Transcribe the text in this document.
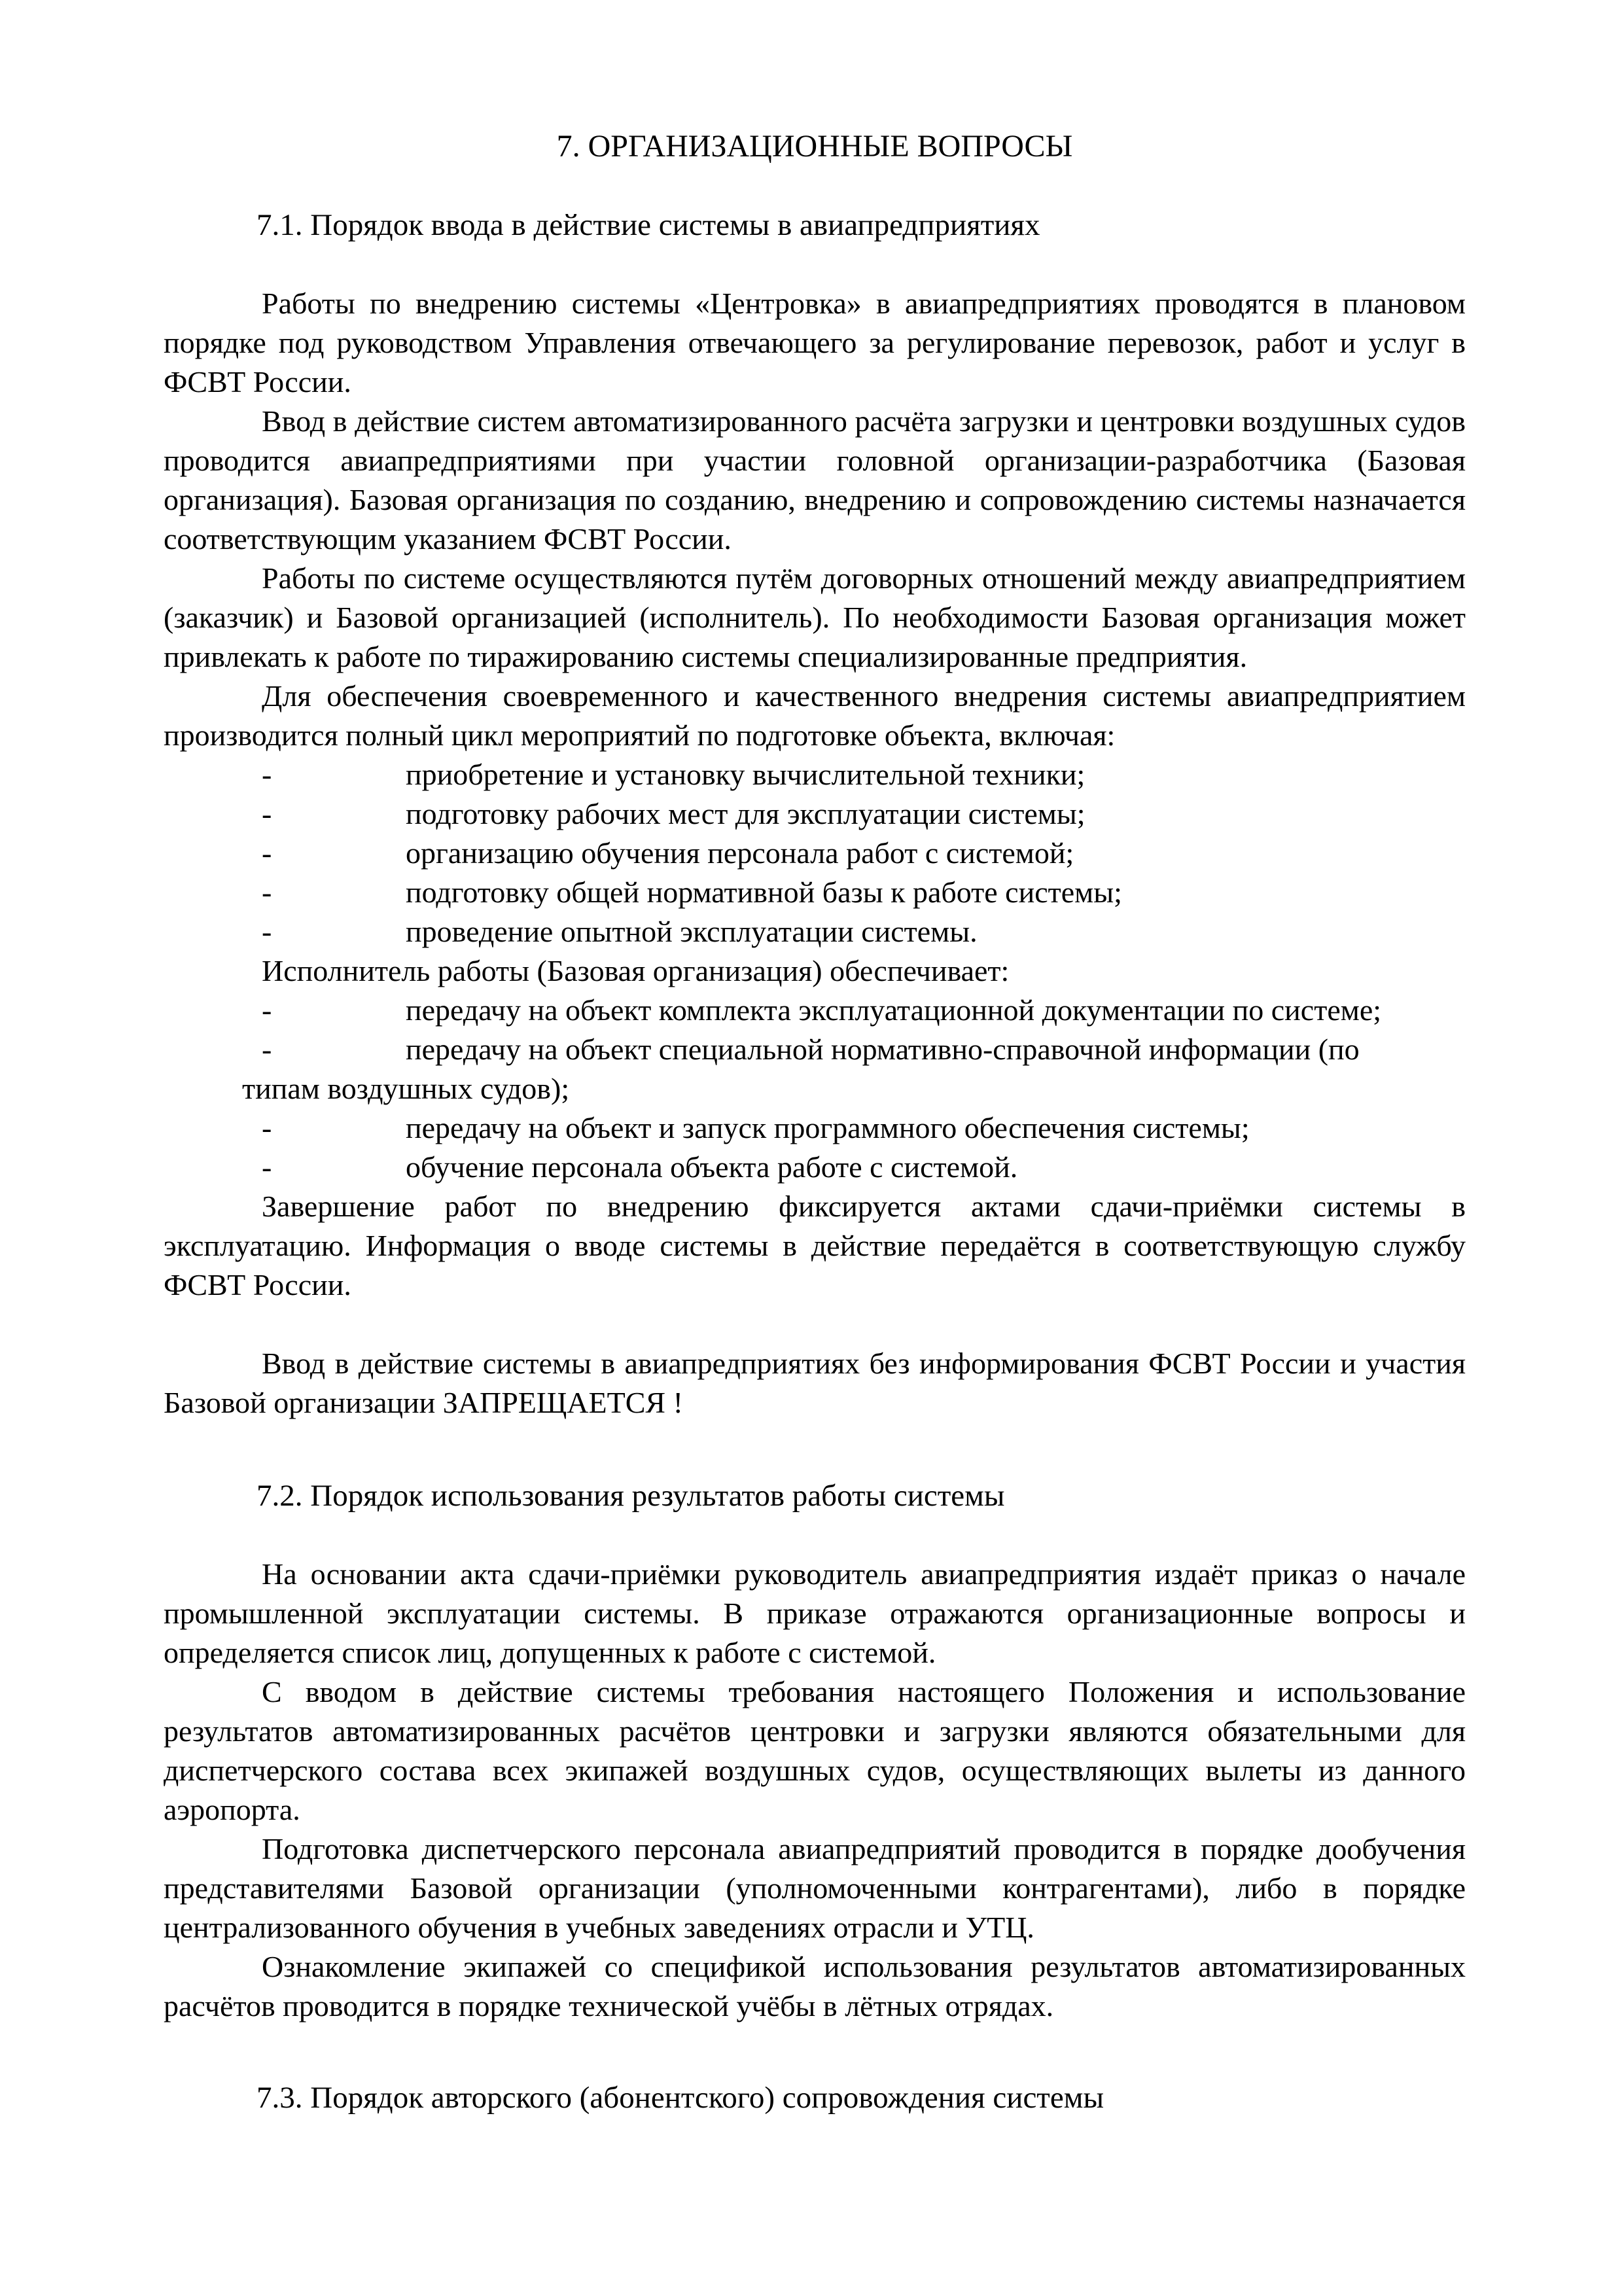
7. ОРГАНИЗАЦИОННЫЕ ВОПРОСЫ
7.1. Порядок ввода в действие системы в авиапредприятиях

Работы по внедрению системы «Центровка» в авиапредприятиях проводятся в плановом порядке под руководством Управления отвечающего за регулирование перевозок, работ и услуг в ФСВТ России.

Ввод в действие систем автоматизированного расчёта загрузки и центровки воздушных судов проводится авиапредприятиями при участии головной организации-разработчика (Базовая организация). Базовая организация по созданию, внедрению и сопровождению системы назначается соответствующим указанием ФСВТ России.

Работы по системе осуществляются путём договорных отношений между авиапредприятием (заказчик) и Базовой организацией (исполнитель). По необходимости Базовая организация может привлекать к работе по тиражированию системы специализированные предприятия.

Для обеспечения своевременного и качественного внедрения системы авиапредприятием производится полный цикл мероприятий по подготовке объекта, включая:

-	приобретение и установку вычислительной техники;
-	подготовку рабочих мест для эксплуатации системы;
-	организацию обучения персонала работ с системой;
-	подготовку общей нормативной базы к работе системы;
-	проведение опытной эксплуатации системы.

Исполнитель работы (Базовая организация) обеспечивает:

-	передачу на объект комплекта эксплуатационной документации по системе;
-	передачу на объект специальной нормативно-справочной информации (по
типам воздушных судов);
-	передачу на объект и запуск программного обеспечения системы;
-	обучение персонала объекта работе с системой.

Завершение работ по внедрению фиксируется актами сдачи-приёмки системы в эксплуатацию. Информация о вводе системы в действие передаётся в соответствующую службу ФСВТ России.

Ввод в действие системы в авиапредприятиях без информирования ФСВТ России и участия Базовой организации ЗАПРЕЩАЕТСЯ !

7.2. Порядок использования результатов работы системы

На основании акта сдачи-приёмки руководитель авиапредприятия издаёт приказ о начале промышленной эксплуатации системы. В приказе отражаются организационные вопросы и определяется список лиц, допущенных к работе с системой.

С вводом в действие системы требования настоящего Положения и использование результатов автоматизированных расчётов центровки и загрузки являются обязательными для диспетчерского состава всех экипажей воздушных судов, осуществляющих вылеты из данного аэропорта.

Подготовка диспетчерского персонала авиапредприятий проводится в порядке дообучения представителями Базовой организации (уполномоченными контрагентами), либо в порядке централизованного обучения в учебных заведениях отрасли и УТЦ.

Ознакомление экипажей со спецификой использования результатов автоматизированных расчётов проводится в порядке технической учёбы в лётных отрядах.

7.3. Порядок авторского (абонентского) сопровождения системы
